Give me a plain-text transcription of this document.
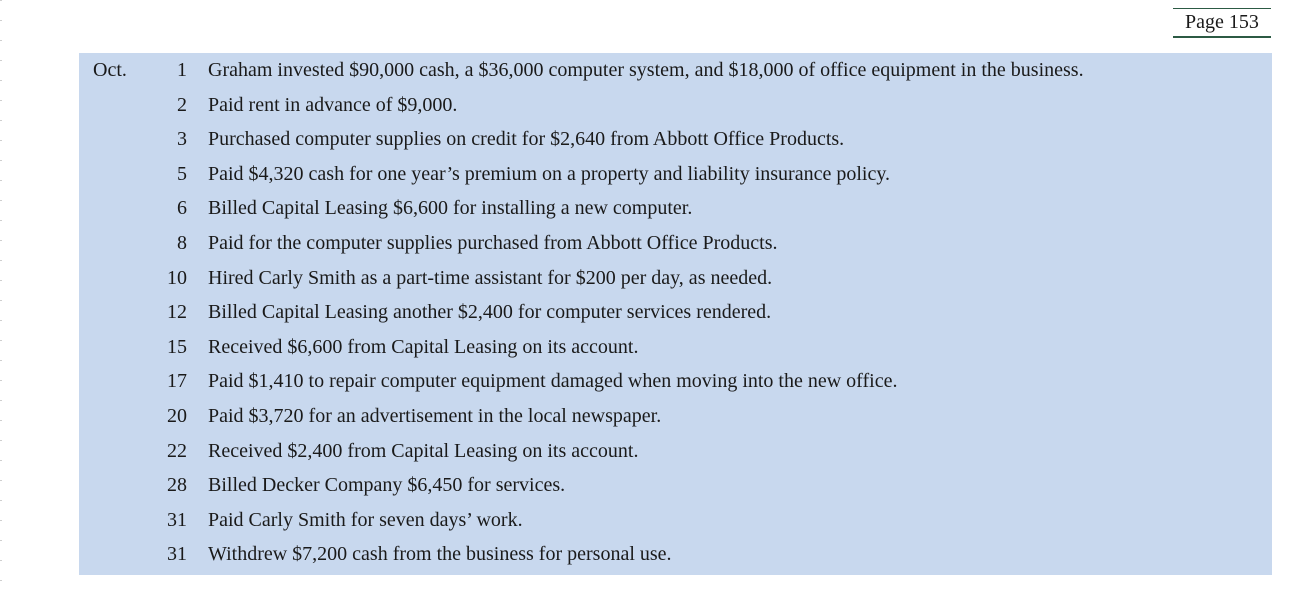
Page 153
Oct.	1 Graham invested $90,000 cash, a $36,000 computer system, and $18,000 of office equipment in the business.
2 Paid rent in advance of $9,000.
3 Purchased computer supplies on credit for $2,640 from Abbott Office Products.
5 Paid $4,320 cash for one year’s premium on a property and liability insurance policy.
6 Billed Capital Leasing $6,600 for installing a new computer.
8 Paid for the computer supplies purchased from Abbott Office Products.
10 Hired Carly Smith as a part-time assistant for $200 per day, as needed.
12 Billed Capital Leasing another $2,400 for computer services rendered.
15 Received $6,600 from Capital Leasing on its account.
17 Paid $1,410 to repair computer equipment damaged when moving into the new office.
20 Paid $3,720 for an advertisement in the local newspaper.
22 Received $2,400 from Capital Leasing on its account.
28 Billed Decker Company $6,450 for services.
31 Paid Carly Smith for seven days’ work.
31 Withdrew $7,200 cash from the business for personal use.
